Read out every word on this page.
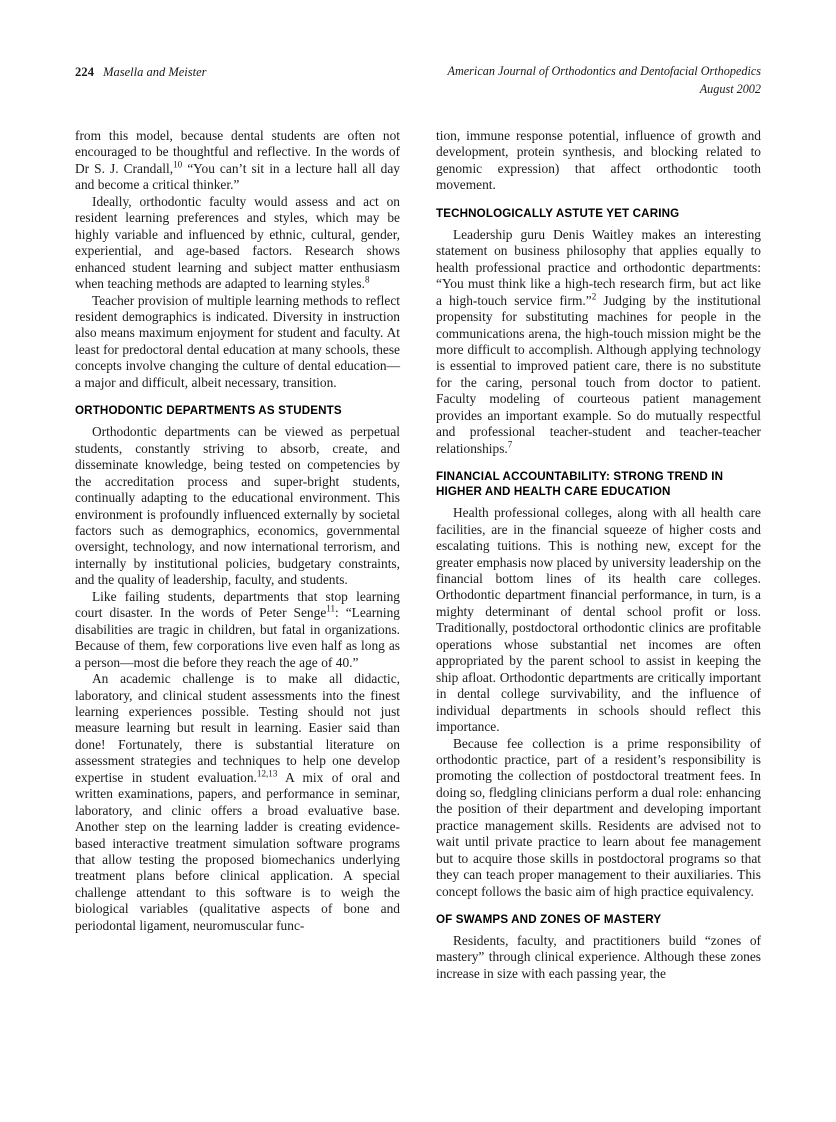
224 Masella and Meister	American Journal of Orthodontics and Dentofacial Orthopedics
August 2002

from this model, because dental students are often not encouraged to be thoughtful and reflective. In the words of Dr S. J. Crandall,$^{10}$ “You can’t sit in a lecture hall all day and become a critical thinker.”

Ideally, orthodontic faculty would assess and act on resident learning preferences and styles, which may be highly variable and influenced by ethnic, cultural, gender, experiential, and age-based factors. Research shows enhanced student learning and subject matter enthusiasm when teaching methods are adapted to learning styles.$^8$

Teacher provision of multiple learning methods to reflect resident demographics is indicated. Diversity in instruction also means maximum enjoyment for student and faculty. At least for predoctoral dental education at many schools, these concepts involve changing the culture of dental education—a major and difficult, albeit necessary, transition.

ORTHODONTIC DEPARTMENTS AS STUDENTS

Orthodontic departments can be viewed as perpetual students, constantly striving to absorb, create, and disseminate knowledge, being tested on competencies by the accreditation process and super-bright students, continually adapting to the educational environment. This environment is profoundly influenced externally by societal factors such as demographics, economics, governmental oversight, technology, and now international terrorism, and internally by institutional policies, budgetary constraints, and the quality of leadership, faculty, and students.

Like failing students, departments that stop learning court disaster. In the words of Peter Senge$^{11}$: “Learning disabilities are tragic in children, but fatal in organizations. Because of them, few corporations live even half as long as a person—most die before they reach the age of 40.”

An academic challenge is to make all didactic, laboratory, and clinical student assessments into the finest learning experiences possible. Testing should not just measure learning but result in learning. Easier said than done! Fortunately, there is substantial literature on assessment strategies and techniques to help one develop expertise in student evaluation.$^{12,13}$ A mix of oral and written examinations, papers, and performance in seminar, laboratory, and clinic offers a broad evaluative base. Another step on the learning ladder is creating evidence-based interactive treatment simulation software programs that allow testing the proposed biomechanics underlying treatment plans before clinical application. A special challenge attendant to this software is to weigh the biological variables (qualitative aspects of bone and periodontal ligament, neuromuscular func-

tion, immune response potential, influence of growth and development, protein synthesis, and blocking related to genomic expression) that affect orthodontic tooth movement.

TECHNOLOGICALLY ASTUTE YET CARING

Leadership guru Denis Waitley makes an interesting statement on business philosophy that applies equally to health professional practice and orthodontic departments: “You must think like a high-tech research firm, but act like a high-touch service firm.”$^2$ Judging by the institutional propensity for substituting machines for people in the communications arena, the high-touch mission might be the more difficult to accomplish. Although applying technology is essential to improved patient care, there is no substitute for the caring, personal touch from doctor to patient. Faculty modeling of courteous patient management provides an important example. So do mutually respectful and professional teacher-student and teacher-teacher relationships.$^7$

FINANCIAL ACCOUNTABILITY: STRONG TREND IN
HIGHER AND HEALTH CARE EDUCATION

Health professional colleges, along with all health care facilities, are in the financial squeeze of higher costs and escalating tuitions. This is nothing new, except for the greater emphasis now placed by university leadership on the financial bottom lines of its health care colleges. Orthodontic department financial performance, in turn, is a mighty determinant of dental school profit or loss. Traditionally, postdoctoral orthodontic clinics are profitable operations whose substantial net incomes are often appropriated by the parent school to assist in keeping the ship afloat. Orthodontic departments are critically important in dental college survivability, and the influence of individual departments in schools should reflect this importance.

Because fee collection is a prime responsibility of orthodontic practice, part of a resident’s responsibility is promoting the collection of postdoctoral treatment fees. In doing so, fledgling clinicians perform a dual role: enhancing the position of their department and developing important practice management skills. Residents are advised not to wait until private practice to learn about fee management but to acquire those skills in postdoctoral programs so that they can teach proper management to their auxiliaries. This concept follows the basic aim of high practice equivalency.

OF SWAMPS AND ZONES OF MASTERY

Residents, faculty, and practitioners build “zones of mastery” through clinical experience. Although these zones increase in size with each passing year, the
